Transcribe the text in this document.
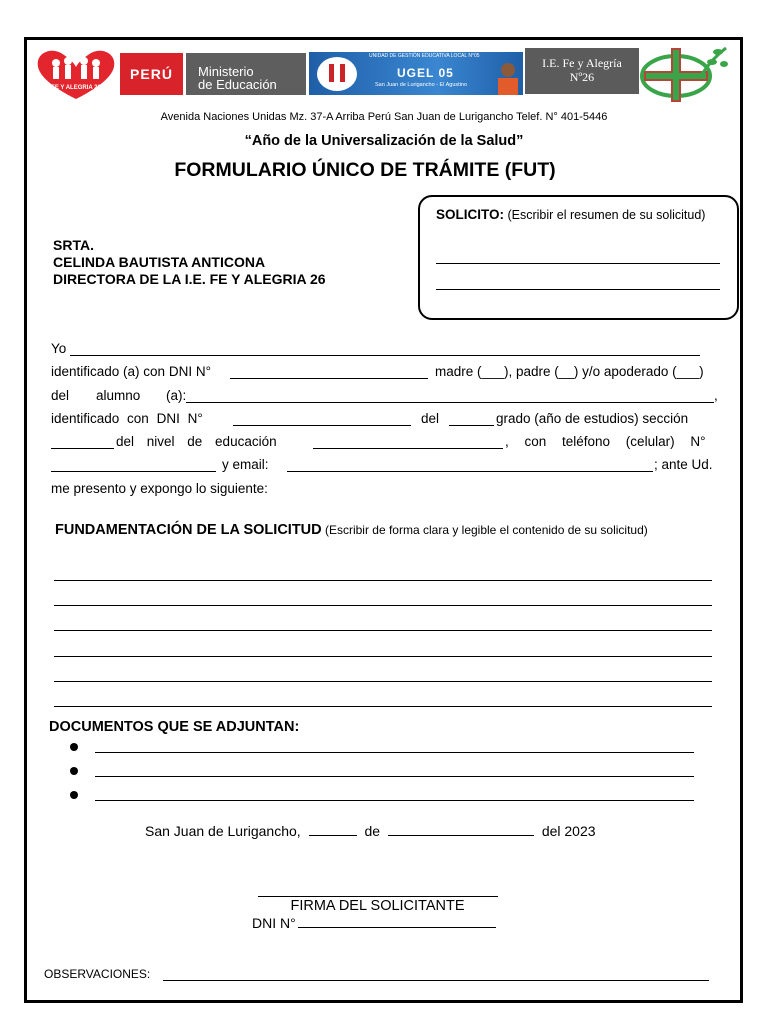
FE Y ALEGRIA 26
PERÚ Ministerio
de Educación
UNIDAD DE GESTIÓN EDUCATIVA LOCAL N°05
UGEL 05
San Juan de Lurigancho - El Agustino
I.E. Fe y Alegría
Nº26
Avenida Naciones Unidas Mz. 37-A Arriba Perú San Juan de Lurigancho Telef. N° 401-5446
“Año de la Universalización de la Salud”
FORMULARIO ÚNICO DE TRÁMITE (FUT)
SOLICITO: (Escribir el resumen de su solicitud)
SRTA.
CELINDA BAUTISTA ANTICONA
DIRECTORA DE LA I.E. FE Y ALEGRIA 26
Yo
identificado (a) con DNI N°	madre (___), padre (__) y/o apoderado (___)
del alumno (a):	,
identificado con DNI N°	del	grado (año de estudios) sección
del nivel de educación	, con teléfono (celular) N°
y email:	; ante Ud.
me presento y expongo lo siguiente:
FUNDAMENTACIÓN DE LA SOLICITUD (Escribir de forma clara y legible el contenido de su solicitud)
DOCUMENTOS QUE SE ADJUNTAN:
San Juan de Lurigancho,	de	del 2023
FIRMA DEL SOLICITANTE
DNI N°
OBSERVACIONES:
